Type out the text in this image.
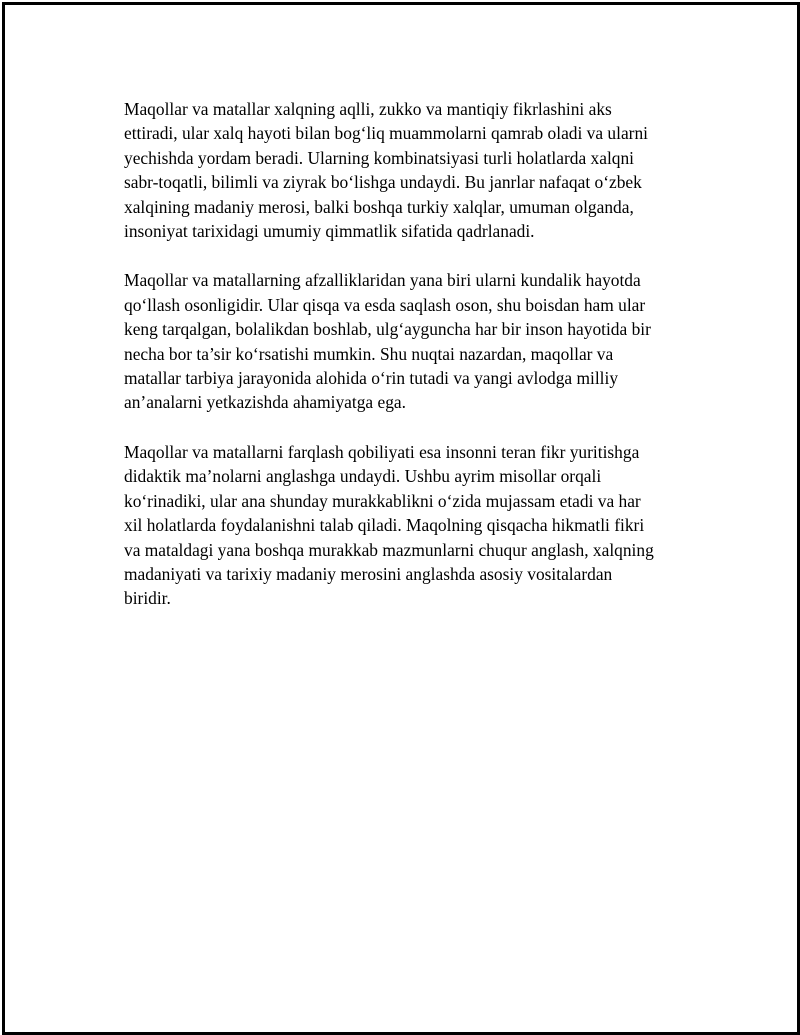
Maqollar va matallar xalqning aqlli, zukko va mantiqiy fikrlashini aks
ettiradi, ular xalq hayoti bilan bog‘liq muammolarni qamrab oladi va ularni
yechishda yordam beradi. Ularning kombinatsiyasi turli holatlarda xalqni
sabr-toqatli, bilimli va ziyrak bo‘lishga undaydi. Bu janrlar nafaqat o‘zbek
xalqining madaniy merosi, balki boshqa turkiy xalqlar, umuman olganda,
insoniyat tarixidagi umumiy qimmatlik sifatida qadrlanadi.

Maqollar va matallarning afzalliklaridan yana biri ularni kundalik hayotda
qo‘llash osonligidir. Ular qisqa va esda saqlash oson, shu boisdan ham ular
keng tarqalgan, bolalikdan boshlab, ulg‘ayguncha har bir inson hayotida bir
necha bor ta’sir ko‘rsatishi mumkin. Shu nuqtai nazardan, maqollar va
matallar tarbiya jarayonida alohida o‘rin tutadi va yangi avlodga milliy
an’analarni yetkazishda ahamiyatga ega.

Maqollar va matallarni farqlash qobiliyati esa insonni teran fikr yuritishga
didaktik ma’nolarni anglashga undaydi. Ushbu ayrim misollar orqali
ko‘rinadiki, ular ana shunday murakkablikni o‘zida mujassam etadi va har
xil holatlarda foydalanishni talab qiladi. Maqolning qisqacha hikmatli fikri
va mataldagi yana boshqa murakkab mazmunlarni chuqur anglash, xalqning
madaniyati va tarixiy madaniy merosini anglashda asosiy vositalardan
biridir.
